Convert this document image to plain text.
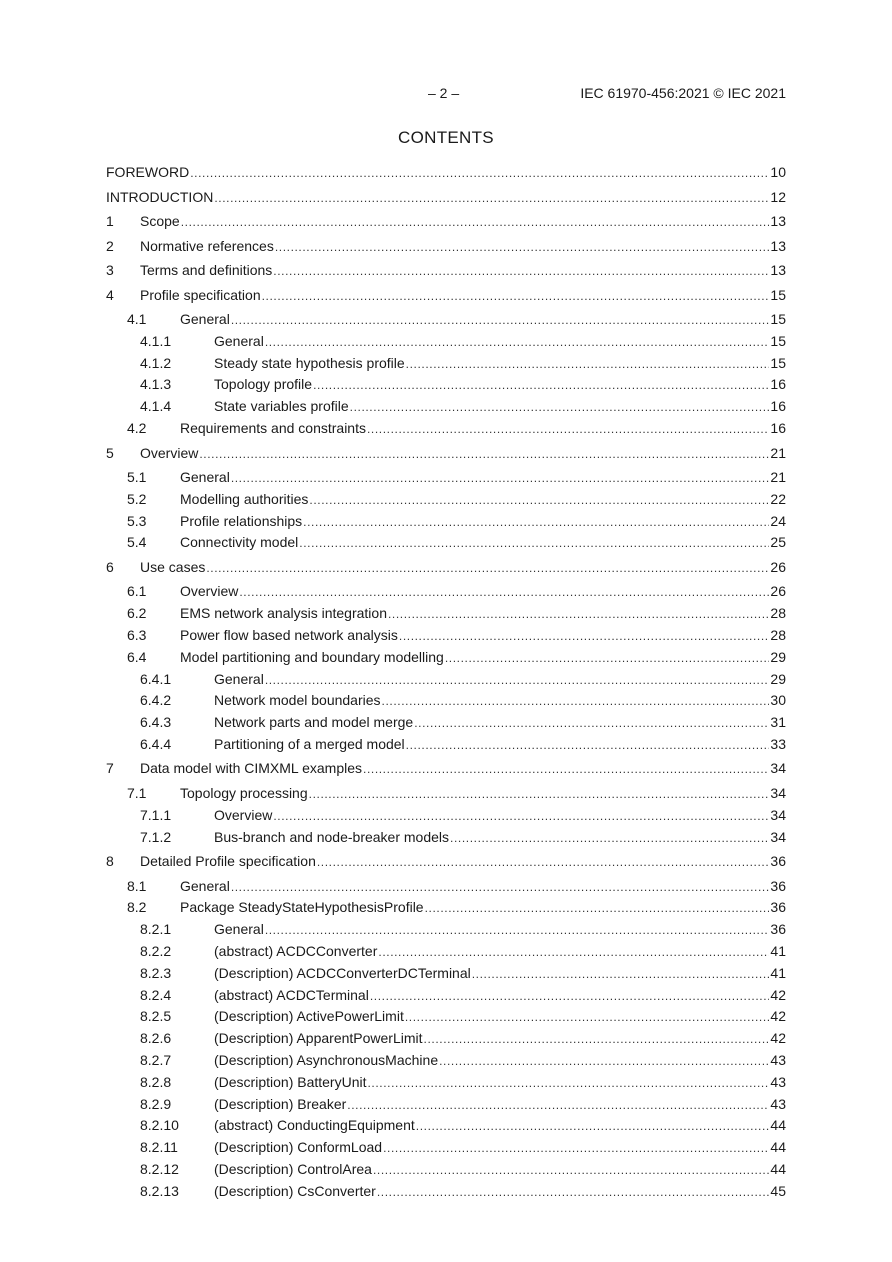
– 2 –	IEC 61970-456:2021 © IEC 2021
CONTENTS
FOREWORD .....	10
INTRODUCTION .....	12
1 Scope .....	13
2 Normative references .....	13
3 Terms and definitions .....	13
4 Profile specification .....	15
4.1 General .....	15
4.1.1	General .....	15
4.1.2	Steady state hypothesis profile .....	15
4.1.3	Topology profile .....	16
4.1.4	State variables profile .....	16
4.2 Requirements and constraints .....	16
5 Overview .....	21
5.1 General .....	21
5.2 Modelling authorities .....	22
5.3 Profile relationships .....	24
5.4 Connectivity model .....	25
6 Use cases .....	26
6.1 Overview .....	26
6.2 EMS network analysis integration .....	28
6.3 Power flow based network analysis .....	28
6.4 Model partitioning and boundary modelling .....	29
6.4.1	General .....	29
6.4.2	Network model boundaries .....	30
6.4.3	Network parts and model merge .....	31
6.4.4	Partitioning of a merged model .....	33
7 Data model with CIMXML examples .....	34
7.1 Topology processing .....	34
7.1.1	Overview .....	34
7.1.2	Bus-branch and node-breaker models .....	34
8 Detailed Profile specification .....	36
8.1 General .....	36
8.2 Package SteadyStateHypothesisProfile .....	36
8.2.1	General .....	36
8.2.2	(abstract) ACDCConverter .....	41
8.2.3	(Description) ACDCConverterDCTerminal .....	41
8.2.4	(abstract) ACDCTerminal .....	42
8.2.5	(Description) ActivePowerLimit .....	42
8.2.6	(Description) ApparentPowerLimit .....	42
8.2.7	(Description) AsynchronousMachine .....	43
8.2.8	(Description) BatteryUnit .....	43
8.2.9	(Description) Breaker .....	43
8.2.10	(abstract) ConductingEquipment .....	44
8.2.11	(Description) ConformLoad .....	44
8.2.12	(Description) ControlArea .....	44
8.2.13	(Description) CsConverter .....	45
